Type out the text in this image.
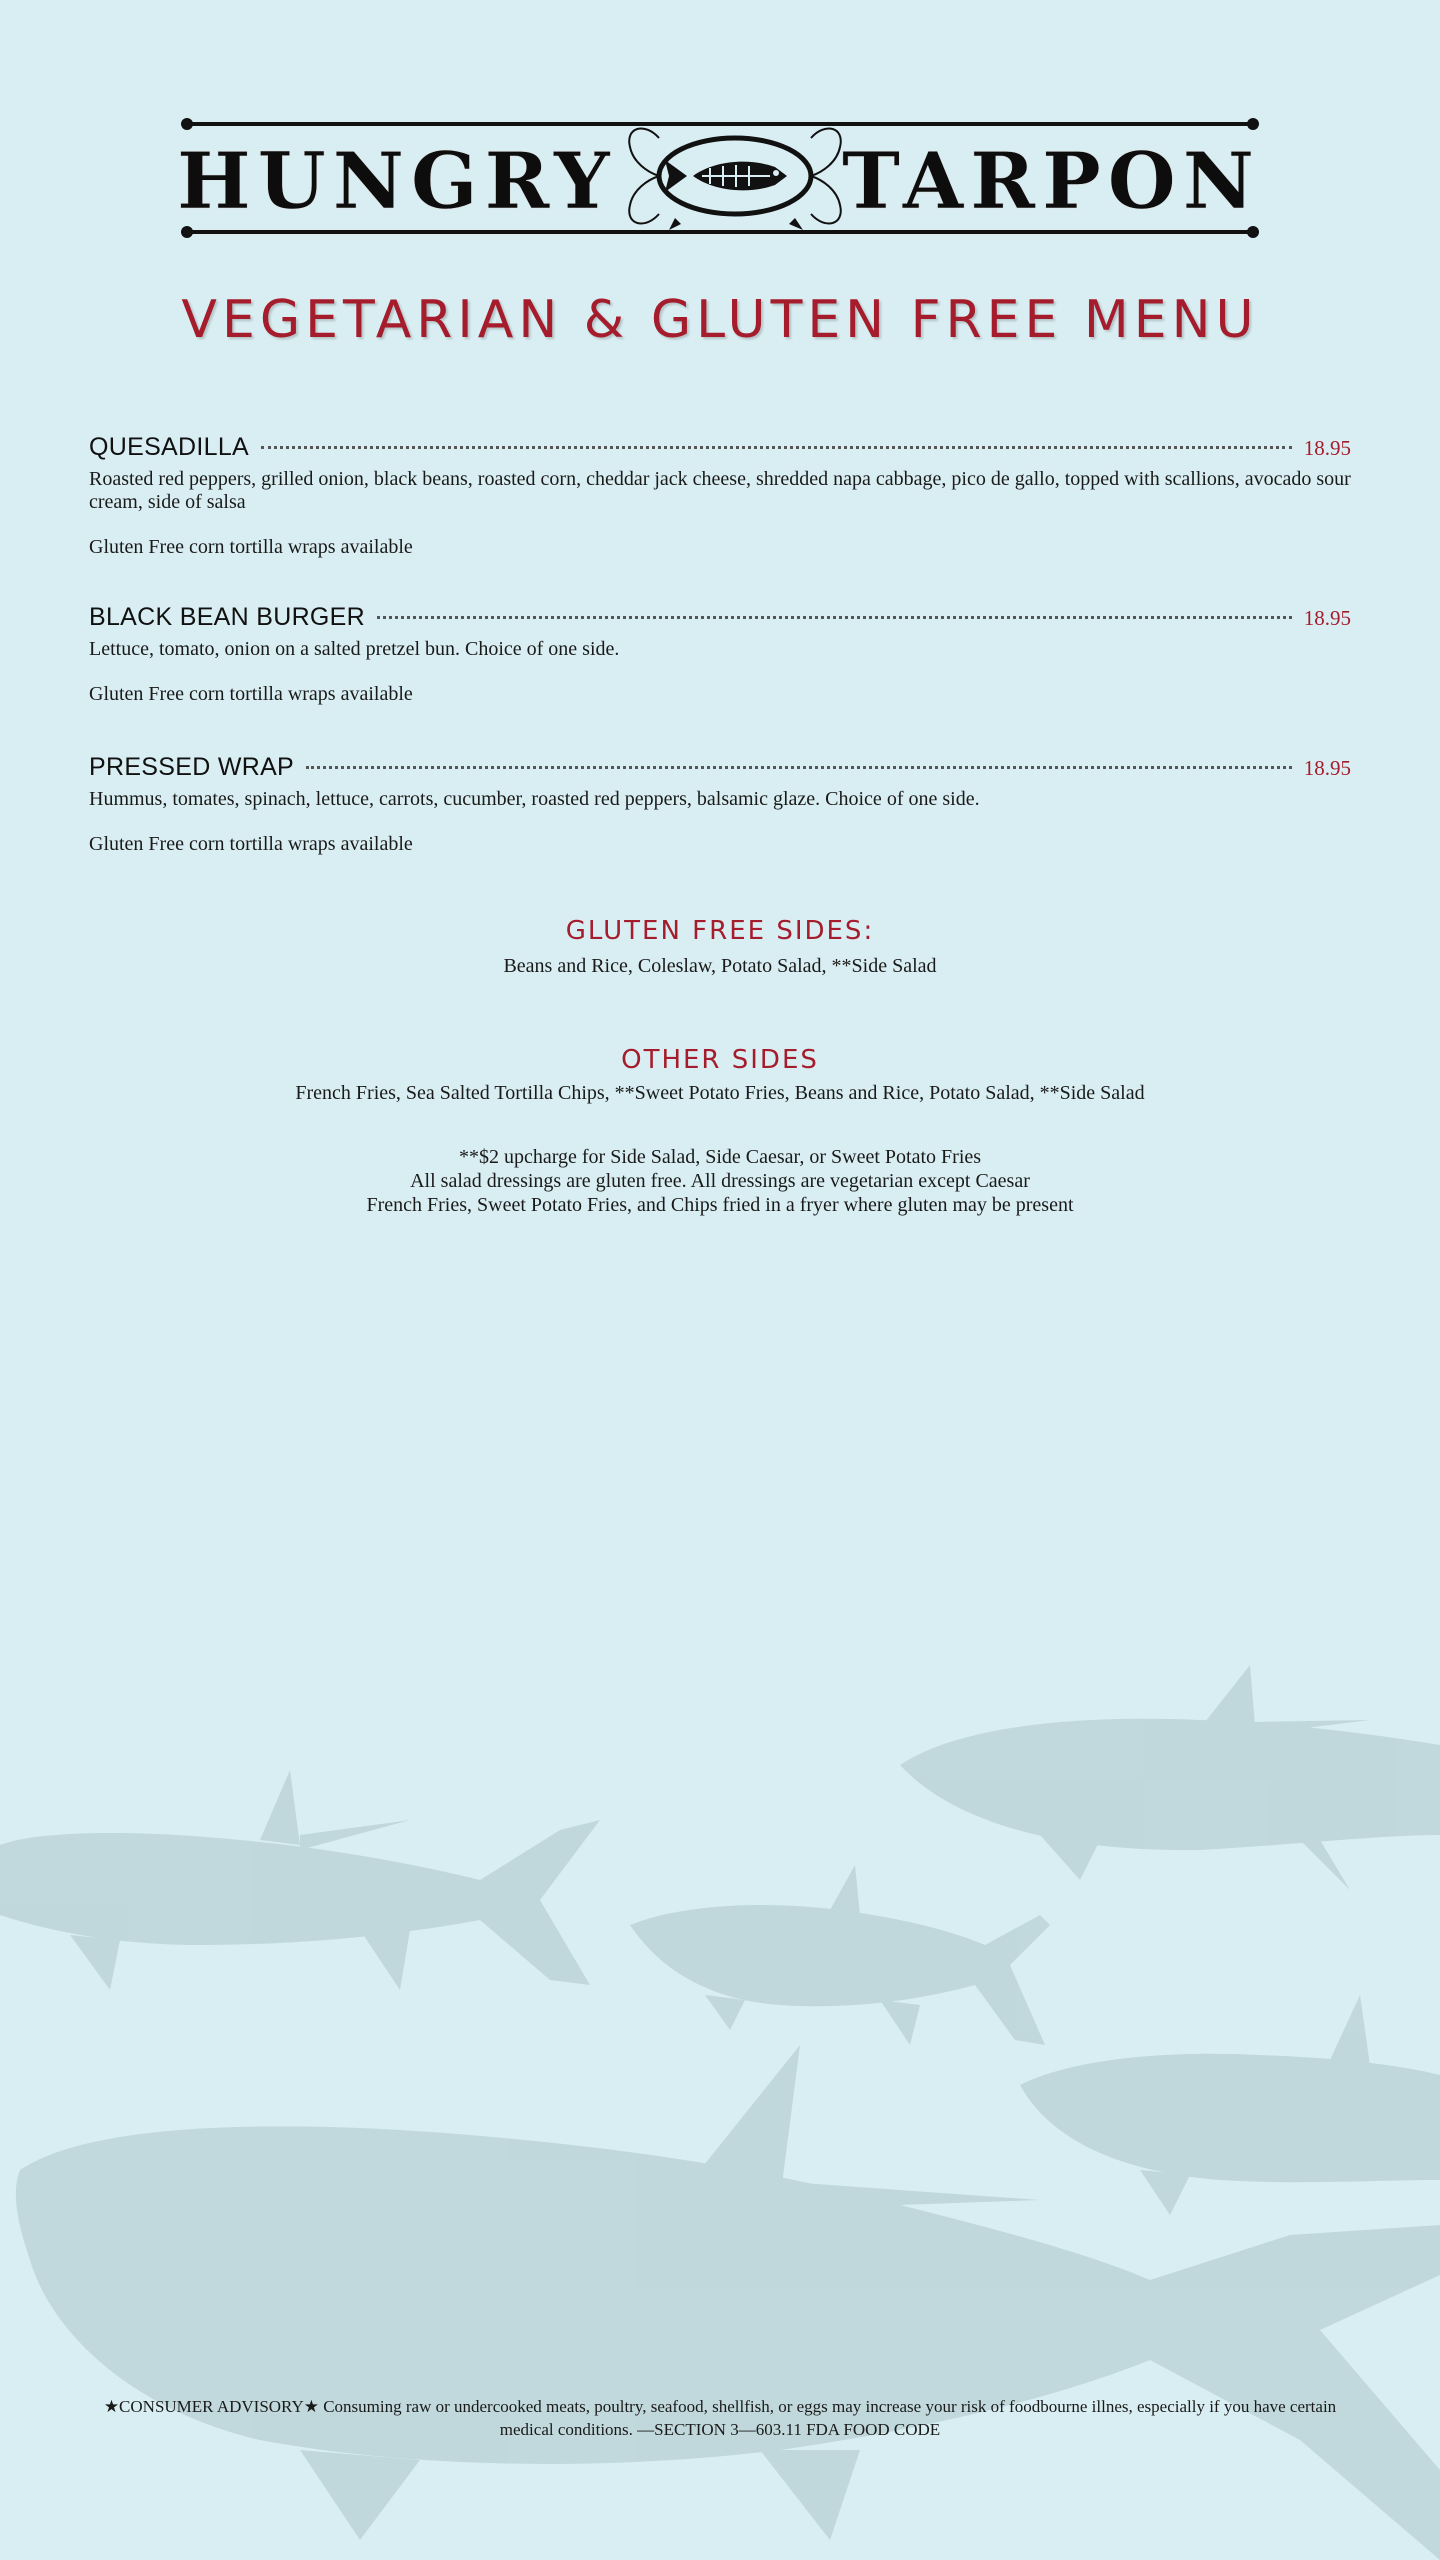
HUNGRY	TARPON
VEGETARIAN & GLUTEN FREE MENU
QUESADILLA	18.95
Roasted red peppers, grilled onion, black beans, roasted corn, cheddar jack cheese, shredded napa cabbage, pico de gallo, topped with scallions, avocado sour cream, side of salsa
Gluten Free corn tortilla wraps available
BLACK BEAN BURGER	18.95
Lettuce, tomato, onion on a salted pretzel bun. Choice of one side.
Gluten Free corn tortilla wraps available
PRESSED WRAP	18.95
Hummus, tomates, spinach, lettuce, carrots, cucumber, roasted red peppers, balsamic glaze. Choice of one side.
Gluten Free corn tortilla wraps available
GLUTEN FREE SIDES:
Beans and Rice, Coleslaw, Potato Salad, **Side Salad
OTHER SIDES
French Fries, Sea Salted Tortilla Chips, **Sweet Potato Fries, Beans and Rice, Potato Salad, **Side Salad
**$2 upcharge for Side Salad, Side Caesar, or Sweet Potato Fries
All salad dressings are gluten free. All dressings are vegetarian except Caesar
French Fries, Sweet Potato Fries, and Chips fried in a fryer where gluten may be present
★CONSUMER ADVISORY★ Consuming raw or undercooked meats, poultry, seafood, shellfish, or eggs may increase your risk of foodbourne illnes, especially if you have certain medical conditions. —SECTION 3—603.11 FDA FOOD CODE
